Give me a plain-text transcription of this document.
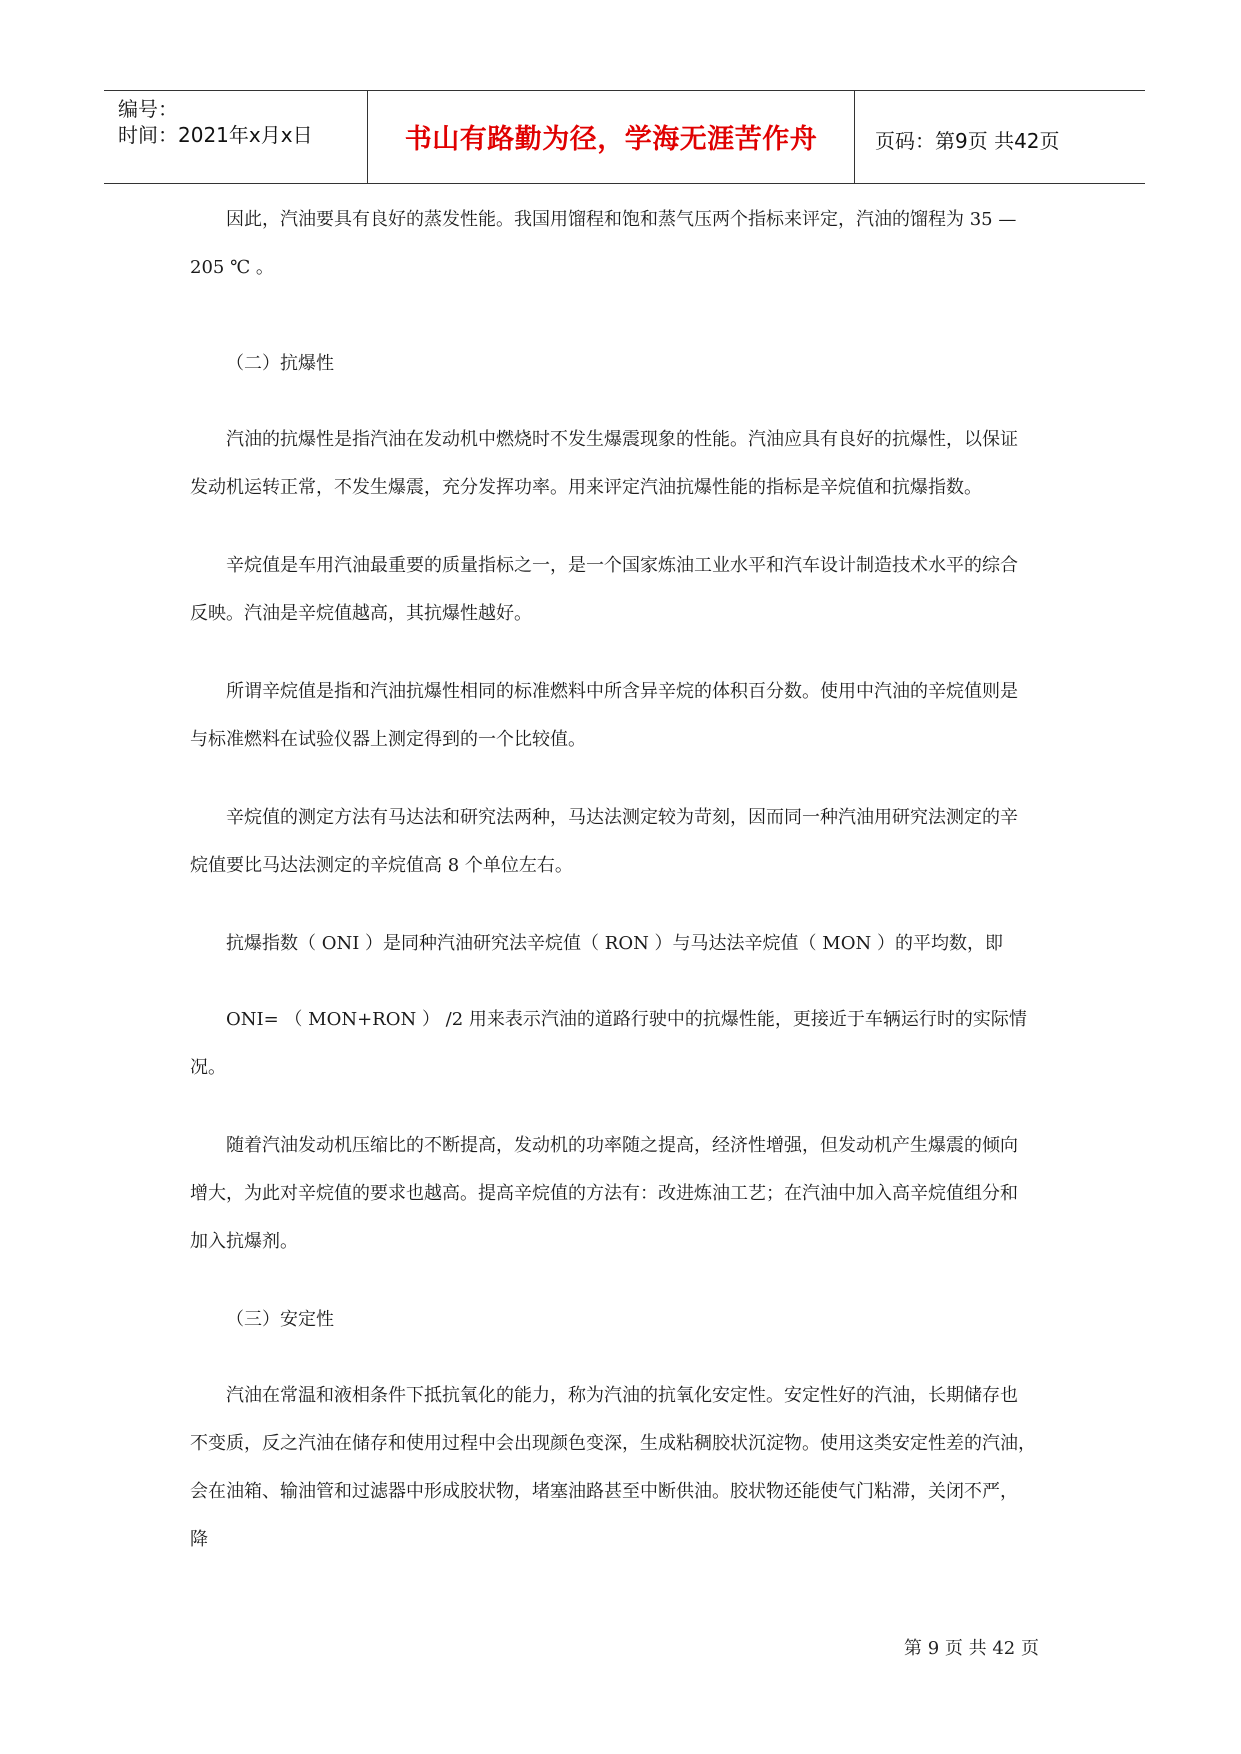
编号：
时间：2021年x月x日	书山有路勤为径，学海无涯苦作舟	页码：第9页 共42页
因此，汽油要具有良好的蒸发性能。我国用馏程和饱和蒸气压两个指标来评定，汽油的馏程为 35 —
205 ℃ 。
（二）抗爆性
汽油的抗爆性是指汽油在发动机中燃烧时不发生爆震现象的性能。汽油应具有良好的抗爆性，以保证
发动机运转正常，不发生爆震，充分发挥功率。用来评定汽油抗爆性能的指标是辛烷值和抗爆指数。
辛烷值是车用汽油最重要的质量指标之一，是一个国家炼油工业水平和汽车设计制造技术水平的综合
反映。汽油是辛烷值越高，其抗爆性越好。
所谓辛烷值是指和汽油抗爆性相同的标准燃料中所含异辛烷的体积百分数。使用中汽油的辛烷值则是
与标准燃料在试验仪器上测定得到的一个比较值。
辛烷值的测定方法有马达法和研究法两种，马达法测定较为苛刻，因而同一种汽油用研究法测定的辛
烷值要比马达法测定的辛烷值高 8 个单位左右。
抗爆指数（ ONI ）是同种汽油研究法辛烷值（ RON ）与马达法辛烷值（ MON ）的平均数，即
ONI= （ MON+RON ） /2 用来表示汽油的道路行驶中的抗爆性能，更接近于车辆运行时的实际情
况。
随着汽油发动机压缩比的不断提高，发动机的功率随之提高，经济性增强，但发动机产生爆震的倾向
增大，为此对辛烷值的要求也越高。提高辛烷值的方法有：改进炼油工艺；在汽油中加入高辛烷值组分和
加入抗爆剂。
（三）安定性
汽油在常温和液相条件下抵抗氧化的能力，称为汽油的抗氧化安定性。安定性好的汽油，长期储存也
不变质，反之汽油在储存和使用过程中会出现颜色变深，生成粘稠胶状沉淀物。使用这类安定性差的汽油，
会在油箱、输油管和过滤器中形成胶状物，堵塞油路甚至中断供油。胶状物还能使气门粘滞，关闭不严，
降
第 9 页 共 42 页
